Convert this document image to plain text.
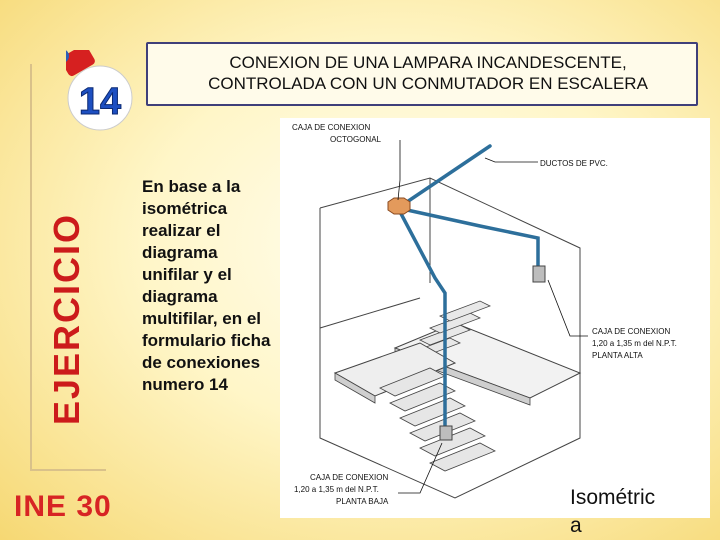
EJERCICIO
14
CONEXION DE UNA LAMPARA INCANDESCENTE,
CONTROLADA CON UN CONMUTADOR EN ESCALERA
En base a la isométrica realizar el diagrama unifilar y el diagrama multifilar, en el formulario ficha de conexiones numero 14
CAJA DE CONEXION
OCTOGONAL
DUCTOS DE PVC.
CAJA DE CONEXION
1,20 a 1,35 m del N.P.T.
PLANTA ALTA
CAJA DE CONEXION
1,20 a 1,35 m del N.P.T.
PLANTA BAJA	Isométric
a
INE 30
